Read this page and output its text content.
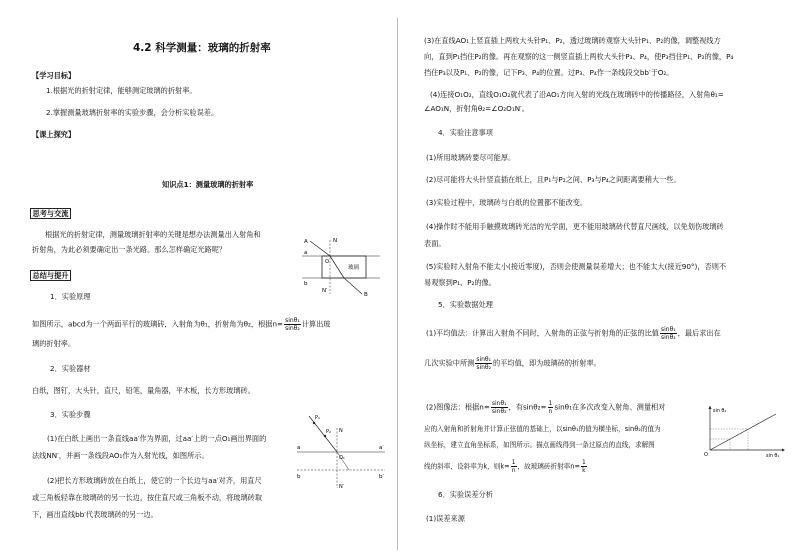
4.2 科学测量：玻璃的折射率
【学习目标】
1.根据光的折射定律，能够测定玻璃的折射率。
2.掌握测量玻璃折射率的实验步骤，会分析实验误差。
【课上探究】
知识点1：测量玻璃的折射率
思考与交流
根据光的折射定律，测量玻璃折射率的关键是想办法测量出入射角和
折射角，为此必须要确定出一条光路。那么怎样确定光路呢？
总结与提升
1．实验原理
如图所示，abcd为一个两面平行的玻璃砖，入射角为θ₁，折射角为θ₂，根据$n= \frac{\text{sinθ₁}}{\text{sinθ₂}}$ 计算出玻
璃的折射率。
2．实验器材
白纸，图钉，大头针，直尺，铅笔，量角器，平木板，长方形玻璃砖。
3．实验步骤
(1)在白纸上画出一条直线aa′作为界面，过aa′上的一点O₁画出界面的
法线NN′，并画一条线段AO₁作为入射光线，如图所示。
(2)把长方形玻璃砖放在白纸上，使它的一个长边与aa′对齐，用直尺
或三角板轻靠在玻璃砖的另一长边，按住直尺或三角板不动，将玻璃砖取
下，画出直线bb′代表玻璃砖的另一边。
A	N
a
b
O
玻璃
N′
B
P₁
P₂
a	a′
b	b′
O₁
N
N′
(3)在直线AO₁上竖直插上两枚大头针P₁、P₂，透过玻璃砖观察大头针P₁、P₂的像，调整视线方
向，直到P₁挡住P₂的像。再在观察的这一侧竖直插上两枚大头针P₃、P₄，使P₃挡住P₁、P₂的像，P₄
挡住P₃以及P₁、P₂的像，记下P₃、P₄的位置。过P₃、P₄作一条线段交bb′于O₂。
(4)连接O₁O₂，直线O₁O₂就代表了沿AO₁方向入射的光线在玻璃砖中的传播路径，入射角θ₁=
∠AO₁N，折射角θ₂=∠O₂O₁N′。
4．实验注意事项
(1)所用玻璃砖要尽可能厚。
(2)尽可能将大头针竖直插在纸上，且P₁与P₂之间、P₃与P₄之间距离要稍大一些。
(3)实验过程中，玻璃砖与白纸的位置都不能改变。
(4)操作时不能用手触摸玻璃砖光洁的光学面，更不能用玻璃砖代替直尺画线，以免划伤玻璃砖
表面。
(5)实验时入射角不能太小(接近零度)，否则会使测量误差增大；也不能太大(接近90°)，否则不
易观察到P₁、P₂的像。
5．实验数据处理
(1)平均值法：计算出入射角不同时，入射角的正弦与折射角的正弦的比值 $\frac{\text{sinθ₁}}{\text{sinθ₂}}$ ，最后求出在
几次实验中所测 $\frac{\text{sinθ₁}}{\text{sinθ₂}}$ 的平均值，即为玻璃砖的折射率。
(2)图像法：根据$n= \frac{\text{sinθ₁}}{\text{sinθ₂}}$ ，有$\sin\theta_2= \frac{1}{n} \sin\theta_1$在多次改变入射角、测量相对
应的入射角和折射角并计算正弦值的基础上，以sinθ₁的值为横坐标，sinθ₂的值为
纵坐标，建立直角坐标系，如图所示。描点画线得到一条过原点的直线，求解图
线的斜率，设斜率为k，则$k= \frac{1}{n}$ ，故玻璃砖折射率$n= \frac{1}{k}$
6．实验误差分析
(1)误差来源
sin θ₂
sin θ₁
O
